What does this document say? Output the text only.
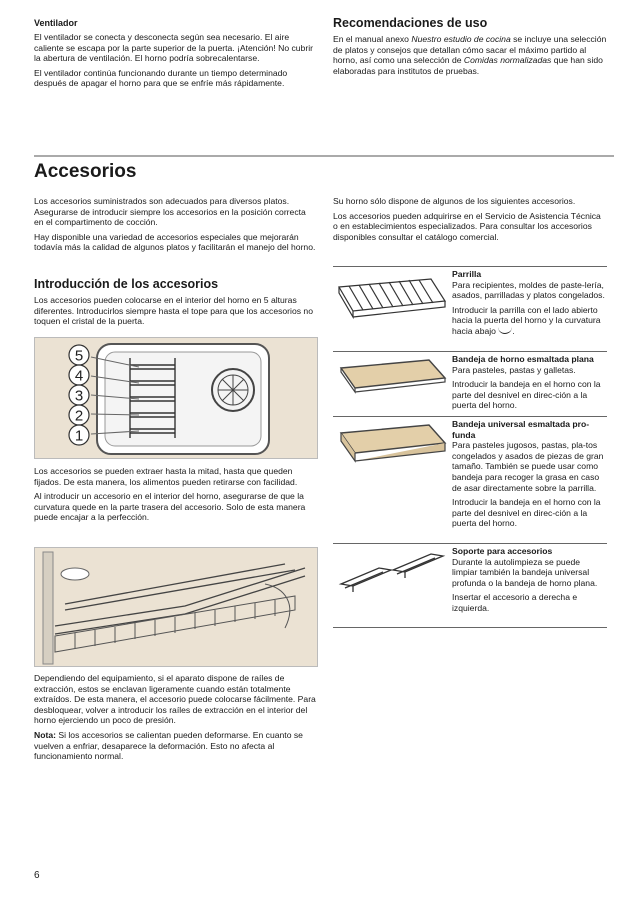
Ventilador

El ventilador se conecta y desconecta según sea necesario. El aire caliente se escapa por la parte superior de la puerta. ¡Atención! No cubrir la abertura de ventilación. El horno podría sobrecalentarse.

El ventilador continúa funcionando durante un tiempo determinado después de apagar el horno para que se enfríe más rápidamente.

Recomendaciones de uso

En el manual anexo Nuestro estudio de cocina se incluye una selección de platos y consejos que detallan cómo sacar el máximo partido al horno, así como una selección de Comidas normalizadas que han sido elaboradas para institutos de pruebas.

Accesorios

Los accesorios suministrados son adecuados para diversos platos. Asegurarse de introducir siempre los accesorios en la posición correcta en el compartimento de cocción.

Hay disponible una variedad de accesorios especiales que mejorarán todavía más la calidad de algunos platos y facilitarán el manejo del horno.

Su horno sólo dispone de algunos de los siguientes accesorios.

Los accesorios pueden adquirirse en el Servicio de Asistencia Técnica o en establecimientos especializados. Para consultar los accesorios disponibles consultar el catálogo comercial.

Introducción de los accesorios

Los accesorios pueden colocarse en el interior del horno en 5 alturas diferentes. Introducirlos siempre hasta el tope para que los accesorios no toquen el cristal de la puerta.

5
4
3
2
1

Los accesorios se pueden extraer hasta la mitad, hasta que queden fijados. De esta manera, los alimentos pueden retirarse con facilidad.

Al introducir un accesorio en el interior del horno, asegurarse de que la curvatura quede en la parte trasera del accesorio. Solo de esta manera puede encajar a la perfección.

Dependiendo del equipamiento, si el aparato dispone de raíles de extracción, estos se enclavan ligeramente cuando están totalmente extraídos. De esta manera, el accesorio puede colocarse fácilmente. Para desbloquear, volver a introducir los raíles de extracción en el interior del horno ejerciendo un poco de presión.

Nota: Si los accesorios se calientan pueden deformarse. En cuanto se vuelven a enfriar, desaparece la deformación. Esto no afecta al funcionamiento normal.

Parrilla

Para recipientes, moldes de paste-lería, asados, parrilladas y platos congelados.

Introducir la parrilla con el lado abierto hacia la puerta del horno y la curvatura hacia abajo .

Bandeja de horno esmaltada plana

Para pasteles, pastas y galletas.

Introducir la bandeja en el horno con la parte del desnivel en direc-ción a la puerta del horno.

Bandeja universal esmaltada pro-funda

Para pasteles jugosos, pastas, pla-tos congelados y asados de piezas de gran tamaño. También se puede usar como bandeja para recoger la grasa en caso de asar directamente sobre la parrilla.

Introducir la bandeja en el horno con la parte del desnivel en direc-ción a la puerta del horno.

Soporte para accesorios

Durante la autolimpieza se puede limpiar también la bandeja universal profunda o la bandeja de horno plana.

Insertar el accesorio a derecha e izquierda.

6
